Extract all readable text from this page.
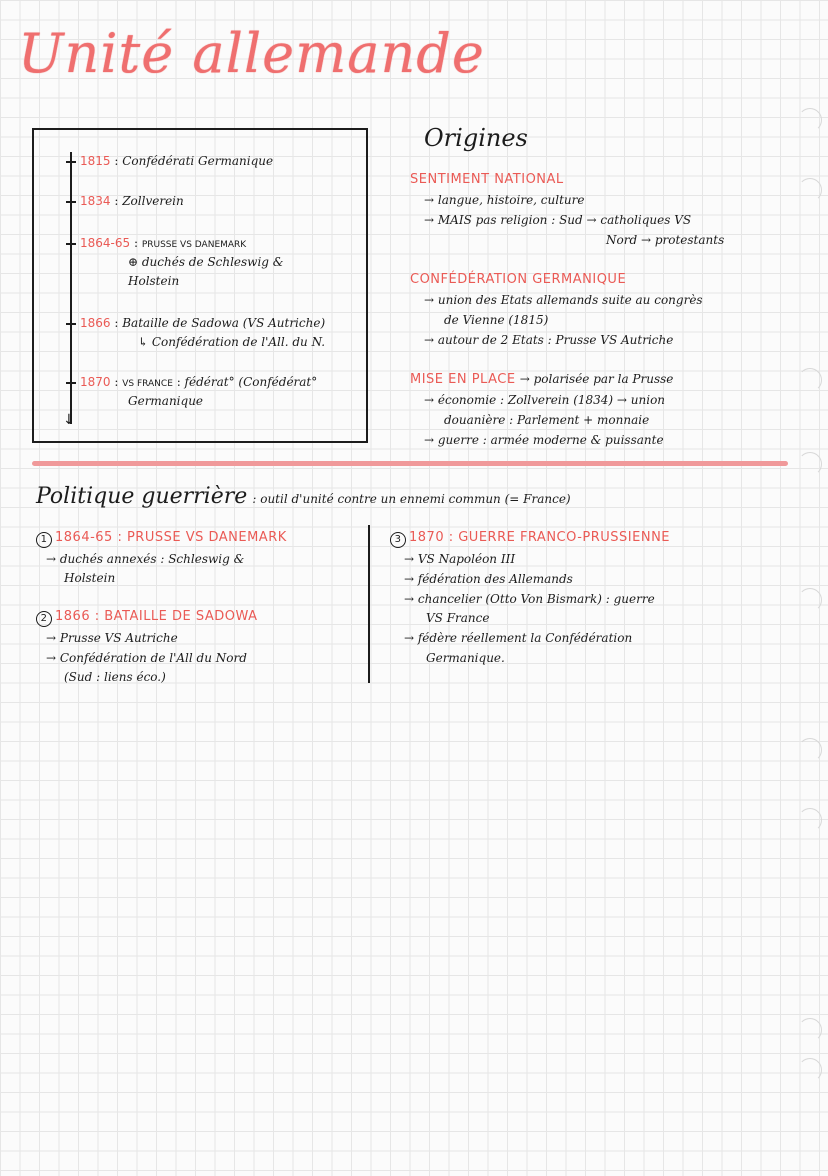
Unité allemande
↓
1815 : Confédérati Germanique
1834 : Zollverein
1864-65 : PRUSSE VS DANEMARK
⊕ duchés de Schleswig &
Holstein
1866 : Bataille de Sadowa (VS Autriche)
↳ Confédération de l'All. du N.
1870 : VS FRANCE : fédérat° (Confédérat°
Germanique
Origines
SENTIMENT NATIONAL
→ langue, histoire, culture
→ MAIS pas religion : Sud → catholiques VS
Nord → protestants
CONFÉDÉRATION GERMANIQUE
→ union des Etats allemands suite au congrès
de Vienne (1815)
→ autour de 2 Etats : Prusse VS Autriche
MISE EN PLACE → polarisée par la Prusse
→ économie : Zollverein (1834) → union
douanière : Parlement + monnaie
→ guerre : armée moderne & puissante
Politique guerrière : outil d'unité contre un ennemi commun (= France)
1 1864-65 : PRUSSE VS DANEMARK
→ duchés annexés : Schleswig &
Holstein
2 1866 : BATAILLE DE SADOWA
→ Prusse VS Autriche
→ Confédération de l'All du Nord
(Sud : liens éco.)
3 1870 : GUERRE FRANCO-PRUSSIENNE
→ VS Napoléon III
→ fédération des Allemands
→ chancelier (Otto Von Bismark) : guerre
VS France
→ fédère réellement la Confédération
Germanique.
